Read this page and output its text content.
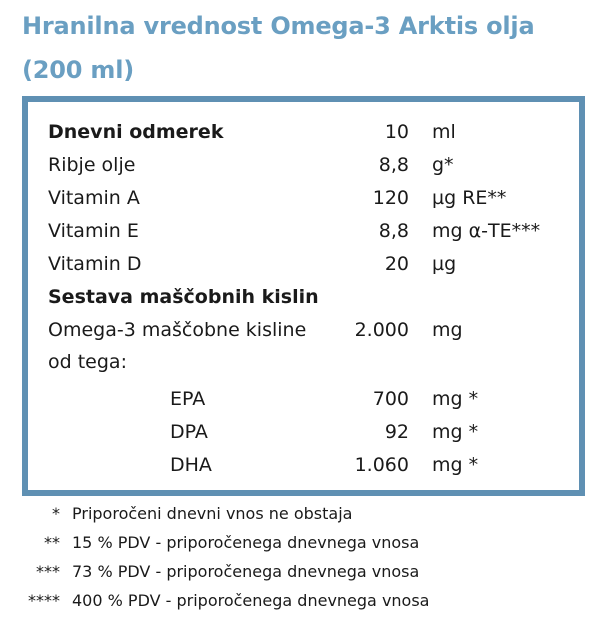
Hranilna vrednost Omega-3 Arktis olja
(200 ml)
Dnevni odmerek	10 ml
Ribje olje	8,8 g*
Vitamin A	120 µg RE**
Vitamin E	8,8 mg α-TE***
Vitamin D	20 µg
Sestava maščobnih kislin
Omega-3 maščobne kisline	2.000 mg
od tega:
EPA	700 mg *
DPA	92 mg *
DHA	1.060 mg *
* Priporočeni dnevni vnos ne obstaja
** 15 % PDV - priporočenega dnevnega vnosa
*** 73 % PDV - priporočenega dnevnega vnosa
**** 400 % PDV - priporočenega dnevnega vnosa
